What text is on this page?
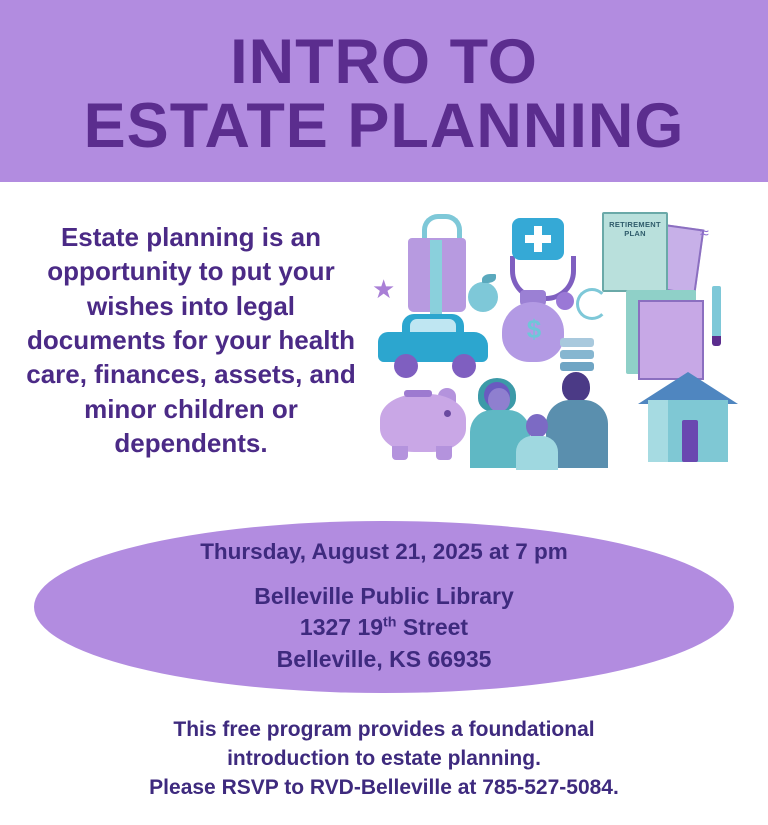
INTRO TO
ESTATE PLANNING
Estate planning is an opportunity to put your wishes into legal documents for your health care, finances, assets, and minor children or dependents.
★
RETIREMENT PLAN	≈
$
Thursday, August 21, 2025 at 7 pm
Belleville Public Library
1327 19th Street
Belleville, KS 66935
This free program provides a foundational
introduction to estate planning.
Please RSVP to RVD-Belleville at 785-527-5084.
